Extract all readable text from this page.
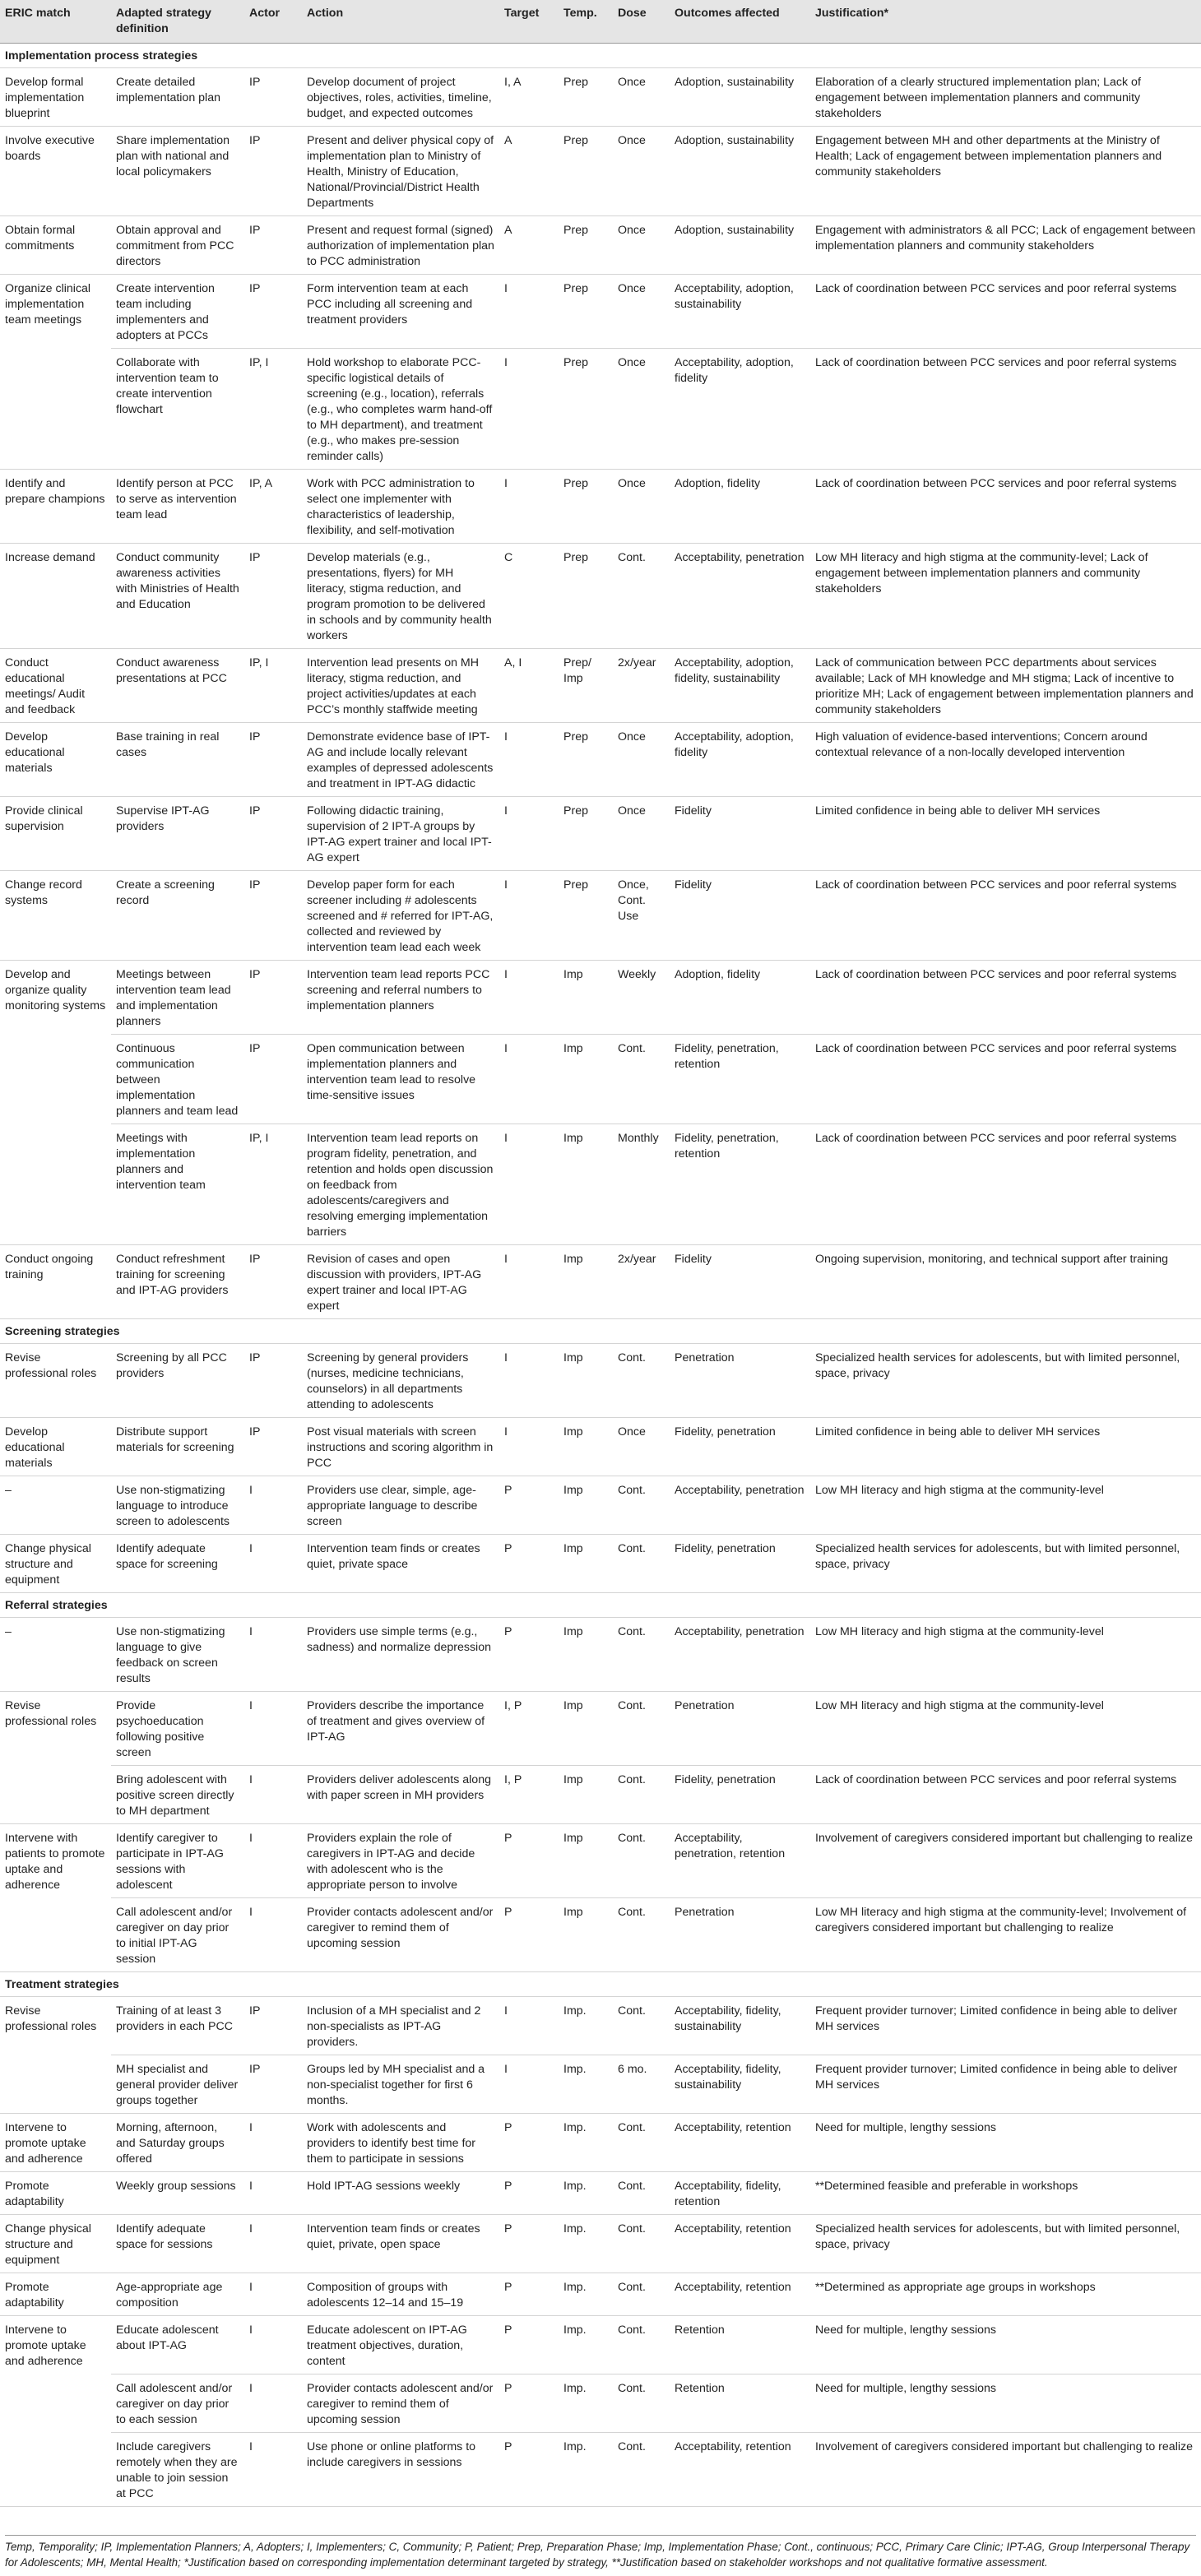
ERIC match	Adapted strategy definition	Actor	Action	Target	Temp.	Dose	Outcomes affected	Justification*
Implementation process strategies								
Develop formal implementation blueprint	Create detailed implementation plan	IP	Develop document of project objectives, roles, activities, timeline, budget, and expected outcomes	I, A	Prep	Once	Adoption, sustainability	Elaboration of a clearly structured implementation plan; Lack of engagement between implementation planners and community stakeholders
Involve executive boards	Share implementation plan with national and local policymakers	IP	Present and deliver physical copy of implementation plan to Ministry of Health, Ministry of Education, National/Provincial/District Health Departments	A	Prep	Once	Adoption, sustainability	Engagement between MH and other departments at the Ministry of Health; Lack of engagement between implementation planners and community stakeholders
Obtain formal commitments	Obtain approval and commitment from PCC directors	IP	Present and request formal (signed) authorization of implementation plan to PCC administration	A	Prep	Once	Adoption, sustainability	Engagement with administrators & all PCC; Lack of engagement between implementation planners and community stakeholders
Organize clinical implementation team meetings	Create intervention team including implementers and adopters at PCCs	IP	Form intervention team at each PCC including all screening and treatment providers	I	Prep	Once	Acceptability, adoption, sustainability	Lack of coordination between PCC services and poor referral systems
	Collaborate with intervention team to create intervention flowchart	IP, I	Hold workshop to elaborate PCC-specific logistical details of screening (e.g., location), referrals (e.g., who completes warm hand-off to MH department), and treatment (e.g., who makes pre-session reminder calls)	I	Prep	Once	Acceptability, adoption, fidelity	Lack of coordination between PCC services and poor referral systems
Identify and prepare champions	Identify person at PCC to serve as intervention team lead	IP, A	Work with PCC administration to select one implementer with characteristics of leadership, flexibility, and self-motivation	I	Prep	Once	Adoption, fidelity	Lack of coordination between PCC services and poor referral systems
Increase demand	Conduct community awareness activities with Ministries of Health and Education	IP	Develop materials (e.g., presentations, flyers) for MH literacy, stigma reduction, and program promotion to be delivered in schools and by community health workers	C	Prep	Cont.	Acceptability, penetration	Low MH literacy and high stigma at the community-level; Lack of engagement between implementation planners and community stakeholders
Conduct educational meetings/ Audit and feedback	Conduct awareness presentations at PCC	IP, I	Intervention lead presents on MH literacy, stigma reduction, and project activities/updates at each PCC’s monthly staffwide meeting	A, I	Prep/ Imp	2x/year	Acceptability, adoption, fidelity, sustainability	Lack of communication between PCC departments about services available; Lack of MH knowledge and MH stigma; Lack of incentive to prioritize MH; Lack of engagement between implementation planners and community stakeholders
Develop educational materials	Base training in real cases	IP	Demonstrate evidence base of IPT-AG and include locally relevant examples of depressed adolescents and treatment in IPT-AG didactic	I	Prep	Once	Acceptability, adoption, fidelity	High valuation of evidence-based interventions; Concern around contextual relevance of a non-locally developed intervention
Provide clinical supervision	Supervise IPT-AG providers	IP	Following didactic training, supervision of 2 IPT-A groups by IPT-AG expert trainer and local IPT-AG expert	I	Prep	Once	Fidelity	Limited confidence in being able to deliver MH services
Change record systems	Create a screening record	IP	Develop paper form for each screener including # adolescents screened and # referred for IPT-AG, collected and reviewed by intervention team lead each week	I	Prep	Once, Cont. Use	Fidelity	Lack of coordination between PCC services and poor referral systems
Develop and organize quality monitoring systems	Meetings between intervention team lead and implementation planners	IP	Intervention team lead reports PCC screening and referral numbers to implementation planners	I	Imp	Weekly	Adoption, fidelity	Lack of coordination between PCC services and poor referral systems
	Continuous communication between implementation planners and team lead	IP	Open communication between implementation planners and intervention team lead to resolve time-sensitive issues	I	Imp	Cont.	Fidelity, penetration, retention	Lack of coordination between PCC services and poor referral systems
	Meetings with implementation planners and intervention team	IP, I	Intervention team lead reports on program fidelity, penetration, and retention and holds open discussion on feedback from adolescents/caregivers and resolving emerging implementation barriers	I	Imp	Monthly	Fidelity, penetration, retention	Lack of coordination between PCC services and poor referral systems
Conduct ongoing training	Conduct refreshment training for screening and IPT-AG providers	IP	Revision of cases and open discussion with providers, IPT-AG expert trainer and local IPT-AG expert	I	Imp	2x/year	Fidelity	Ongoing supervision, monitoring, and technical support after training
Screening strategies								
Revise professional roles	Screening by all PCC providers	IP	Screening by general providers (nurses, medicine technicians, counselors) in all departments attending to adolescents	I	Imp	Cont.	Penetration	Specialized health services for adolescents, but with limited personnel, space, privacy
Develop educational materials	Distribute support materials for screening	IP	Post visual materials with screen instructions and scoring algorithm in PCC	I	Imp	Once	Fidelity, penetration	Limited confidence in being able to deliver MH services
–	Use non-stigmatizing language to introduce screen to adolescents	I	Providers use clear, simple, age-appropriate language to describe screen	P	Imp	Cont.	Acceptability, penetration	Low MH literacy and high stigma at the community-level
Change physical structure and equipment	Identify adequate space for screening	I	Intervention team finds or creates quiet, private space	P	Imp	Cont.	Fidelity, penetration	Specialized health services for adolescents, but with limited personnel, space, privacy
Referral strategies								
–	Use non-stigmatizing language to give feedback on screen results	I	Providers use simple terms (e.g., sadness) and normalize depression	P	Imp	Cont.	Acceptability, penetration	Low MH literacy and high stigma at the community-level
Revise professional roles	Provide psychoeducation following positive screen	I	Providers describe the importance of treatment and gives overview of IPT-AG	I, P	Imp	Cont.	Penetration	Low MH literacy and high stigma at the community-level
	Bring adolescent with positive screen directly to MH department	I	Providers deliver adolescents along with paper screen in MH providers	I, P	Imp	Cont.	Fidelity, penetration	Lack of coordination between PCC services and poor referral systems
Intervene with patients to promote uptake and adherence	Identify caregiver to participate in IPT-AG sessions with adolescent	I	Providers explain the role of caregivers in IPT-AG and decide with adolescent who is the appropriate person to involve	P	Imp	Cont.	Acceptability, penetration, retention	Involvement of caregivers considered important but challenging to realize
	Call adolescent and/or caregiver on day prior to initial IPT-AG session	I	Provider contacts adolescent and/or caregiver to remind them of upcoming session	P	Imp	Cont.	Penetration	Low MH literacy and high stigma at the community-level; Involvement of caregivers considered important but challenging to realize
Treatment strategies								
Revise professional roles	Training of at least 3 providers in each PCC	IP	Inclusion of a MH specialist and 2 non-specialists as IPT-AG providers.	I	Imp.	Cont.	Acceptability, fidelity, sustainability	Frequent provider turnover; Limited confidence in being able to deliver MH services
	MH specialist and general provider deliver groups together	IP	Groups led by MH specialist and a non-specialist together for first 6 months.	I	Imp.	6 mo.	Acceptability, fidelity, sustainability	Frequent provider turnover; Limited confidence in being able to deliver MH services
Intervene to promote uptake and adherence	Morning, afternoon, and Saturday groups offered	I	Work with adolescents and providers to identify best time for them to participate in sessions	P	Imp.	Cont.	Acceptability, retention	Need for multiple, lengthy sessions
Promote adaptability	Weekly group sessions	I	Hold IPT-AG sessions weekly	P	Imp.	Cont.	Acceptability, fidelity, retention	**Determined feasible and preferable in workshops
Change physical structure and equipment	Identify adequate space for sessions	I	Intervention team finds or creates quiet, private, open space	P	Imp.	Cont.	Acceptability, retention	Specialized health services for adolescents, but with limited personnel, space, privacy
Promote adaptability	Age-appropriate age composition	I	Composition of groups with adolescents 12–14 and 15–19	P	Imp.	Cont.	Acceptability, retention	**Determined as appropriate age groups in workshops
Intervene to promote uptake and adherence	Educate adolescent about IPT-AG	I	Educate adolescent on IPT-AG treatment objectives, duration, content	P	Imp.	Cont.	Retention	Need for multiple, lengthy sessions
	Call adolescent and/or caregiver on day prior to each session	I	Provider contacts adolescent and/or caregiver to remind them of upcoming session	P	Imp.	Cont.	Retention	Need for multiple, lengthy sessions
	Include caregivers remotely when they are unable to join session at PCC	I	Use phone or online platforms to include caregivers in sessions	P	Imp.	Cont.	Acceptability, retention	Involvement of caregivers considered important but challenging to realize
Temp, Temporality; IP, Implementation Planners; A, Adopters; I, Implementers; C, Community; P, Patient; Prep, Preparation Phase; Imp, Implementation Phase; Cont., continuous; PCC, Primary Care Clinic; IPT-AG, Group Interpersonal Therapy for Adolescents; MH, Mental Health; *Justification based on corresponding implementation determinant targeted by strategy, **Justification based on stakeholder workshops and not qualitative formative assessment.
